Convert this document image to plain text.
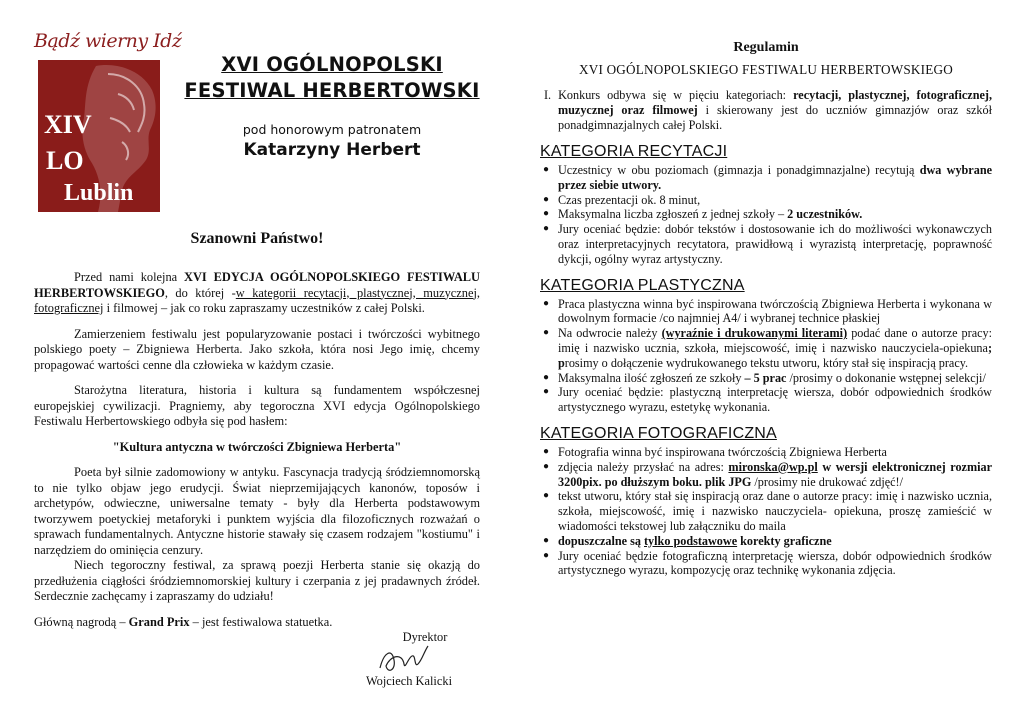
Bądź wierny Idź
XIV
LO
Lublin
XVI OGÓLNOPOLSKI
FESTIWAL HERBERTOWSKI
pod honorowym patronatem
Katarzyny Herbert
Szanowni Państwo!

Przed nami kolejna XVI EDYCJA OGÓLNOPOLSKIEGO FESTIWALU HERBERTOWSKIEGO, do której -w kategorii recytacji, plastycznej, muzycznej, fotograficznej i filmowej – jak co roku zapraszamy uczestników z całej Polski.

Zamierzeniem festiwalu jest popularyzowanie postaci i twórczości wybitnego polskiego poety – Zbigniewa Herberta. Jako szkoła, która nosi Jego imię, chcemy propagować wartości cenne dla człowieka w każdym czasie.

Starożytna literatura, historia i kultura są fundamentem współczesnej europejskiej cywilizacji. Pragniemy, aby tegoroczna XVI edycja Ogólnopolskiego Festiwalu Herbertowskiego odbyła się pod hasłem:

"Kultura antyczna w twórczości Zbigniewa Herberta"

Poeta był silnie zadomowiony w antyku. Fascynacja tradycją śródziemnomorską to nie tylko objaw jego erudycji. Świat nieprzemijających kanonów, toposów i archetypów, odwieczne, uniwersalne tematy - były dla Herberta podstawowym tworzywem poetyckiej metaforyki i punktem wyjścia dla filozoficznych rozważań o sprawach fundamentalnych. Antyczne historie stawały się czasem rodzajem "kostiumu" i narzędziem do ominięcia cenzury.

Niech tegoroczny festiwal, za sprawą poezji Herberta stanie się okazją do przedłużenia ciągłości śródziemnomorskiej kultury i czerpania z jej pradawnych źródeł. Serdecznie zachęcamy i zapraszamy do udziału!

Główną nagrodą – Grand Prix – jest festiwalowa statuetka.

Dyrektor
Wojciech Kalicki
Regulamin
XVI OGÓLNOPOLSKIEGO FESTIWALU HERBERTOWSKIEGO

I. Konkurs odbywa się w pięciu kategoriach: recytacji, plastycznej, fotograficznej, muzycznej oraz filmowej i skierowany jest do uczniów gimnazjów oraz szkół ponadgimnazjalnych całej Polski.

KATEGORIA RECYTACJI
● Uczestnicy w obu poziomach (gimnazja i ponadgimnazjalne) recytują dwa wybrane przez siebie utwory.
● Czas prezentacji ok. 8 minut,
● Maksymalna liczba zgłoszeń z jednej szkoły – 2 uczestników.
● Jury oceniać będzie: dobór tekstów i dostosowanie ich do możliwości wykonawczych oraz interpretacyjnych recytatora, prawidłową i wyrazistą interpretację, poprawność dykcji, ogólny wyraz artystyczny.
KATEGORIA PLASTYCZNA
● Praca plastyczna winna być inspirowana twórczością Zbigniewa Herberta i wykonana w dowolnym formacie /co najmniej A4/ i wybranej technice płaskiej
● Na odwrocie należy (wyraźnie i drukowanymi literami) podać dane o autorze pracy: imię i nazwisko ucznia, szkoła, miejscowość, imię i nazwisko nauczyciela-opiekuna; prosimy o dołączenie wydrukowanego tekstu utworu, który stał się inspiracją pracy.
● Maksymalna ilość zgłoszeń ze szkoły – 5 prac /prosimy o dokonanie wstępnej selekcji/
● Jury oceniać będzie: plastyczną interpretację wiersza, dobór odpowiednich środków artystycznego wyrazu, estetykę wykonania.
KATEGORIA FOTOGRAFICZNA
● Fotografia winna być inspirowana twórczością Zbigniewa Herberta
● zdjęcia należy przysłać na adres: mironska@wp.pl w wersji elektronicznej rozmiar 3200pix. po dłuższym boku. plik JPG /prosimy nie drukować zdjęć!/
● tekst utworu, który stał się inspiracją oraz dane o autorze pracy: imię i nazwisko ucznia, szkoła, miejscowość, imię i nazwisko nauczyciela- opiekuna, proszę zamieścić w wiadomości tekstowej lub załączniku do maila
● dopuszczalne są tylko podstawowe korekty graficzne
● Jury oceniać będzie fotograficzną interpretację wiersza, dobór odpowiednich środków artystycznego wyrazu, kompozycję oraz technikę wykonania zdjęcia.
